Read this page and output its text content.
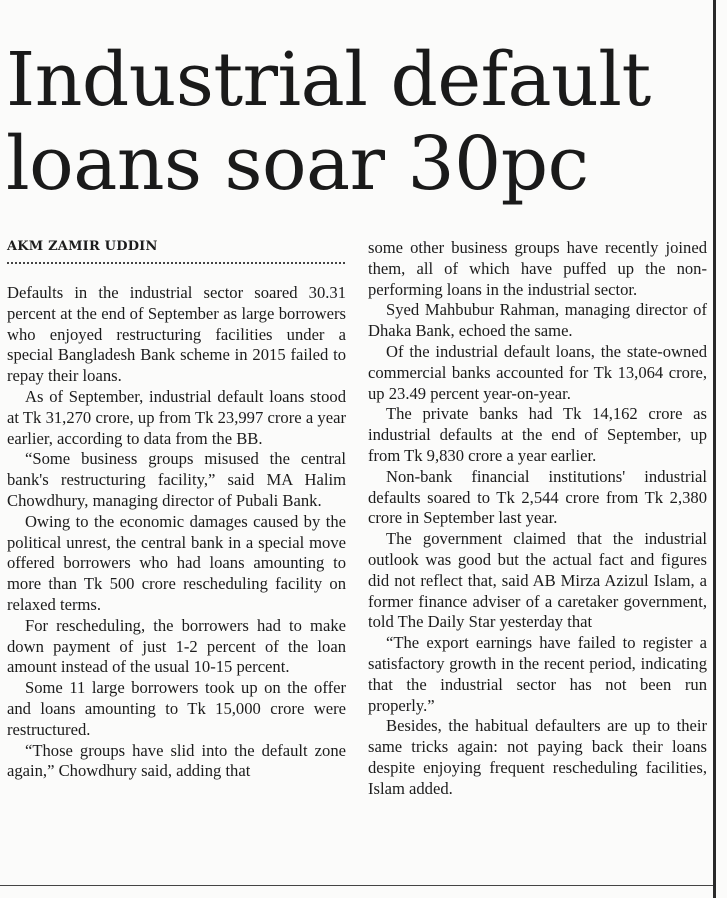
Industrial default
loans soar 30pc
AKM ZAMIR UDDIN

Defaults in the industrial sector soared 30.31 percent at the end of September as large borrowers who enjoyed restructuring facilities under a special Bangladesh Bank scheme in 2015 failed to repay their loans.

As of September, industrial default loans stood at Tk 31,270 crore, up from Tk 23,997 crore a year earlier, according to data from the BB.

“Some business groups misused the central bank's restructuring facility,” said MA Halim Chowdhury, managing director of Pubali Bank.

Owing to the economic damages caused by the political unrest, the central bank in a special move offered borrowers who had loans amounting to more than Tk 500 crore rescheduling facility on relaxed terms.

For rescheduling, the borrowers had to make down payment of just 1-2 percent of the loan amount instead of the usual 10-15 percent.

Some 11 large borrowers took up on the offer and loans amounting to Tk 15,000 crore were restructured.

“Those groups have slid into the default zone again,” Chowdhury said, adding that

some other business groups have recently joined them, all of which have puffed up the non-performing loans in the industrial sector.

Syed Mahbubur Rahman, managing director of Dhaka Bank, echoed the same.

Of the industrial default loans, the state-owned commercial banks accounted for Tk 13,064 crore, up 23.49 percent year-on-year.

The private banks had Tk 14,162 crore as industrial defaults at the end of September, up from Tk 9,830 crore a year earlier.

Non-bank financial institutions' industrial defaults soared to Tk 2,544 crore from Tk 2,380 crore in September last year.

The government claimed that the industrial outlook was good but the actual fact and figures did not reflect that, said AB Mirza Azizul Islam, a former finance adviser of a caretaker government, told The Daily Star yesterday that

“The export earnings have failed to register a satisfactory growth in the recent period, indicating that the industrial sector has not been run properly.”

Besides, the habitual defaulters are up to their same tricks again: not paying back their loans despite enjoying frequent rescheduling facilities, Islam added.
